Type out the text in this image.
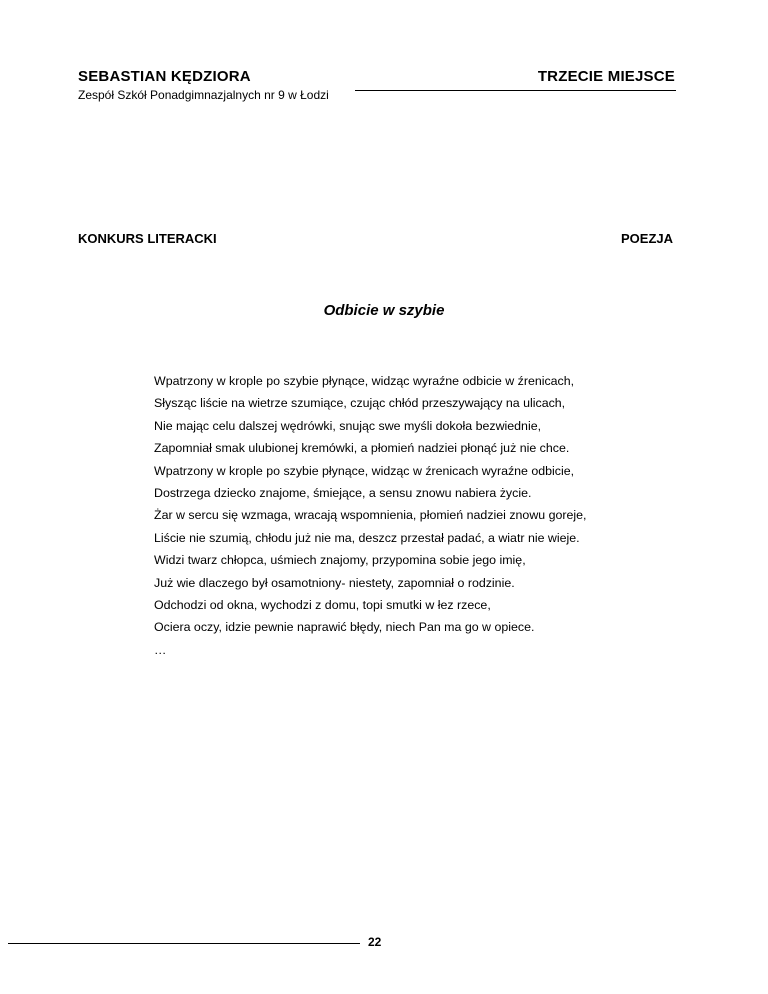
SEBASTIAN KĘDZIORA	TRZECIE MIEJSCE
Zespół Szkół Ponadgimnazjalnych nr 9 w Łodzi
KONKURS LITERACKI	POEZJA
Odbicie w szybie
Wpatrzony w krople po szybie płynące, widząc wyraźne odbicie w źrenicach,
Słysząc liście na wietrze szumiące, czując chłód przeszywający na ulicach,
Nie mając celu dalszej wędrówki, snując swe myśli dokoła bezwiednie,
Zapomniał smak ulubionej kremówki, a płomień nadziei płonąć już nie chce.
Wpatrzony w krople po szybie płynące, widząc w źrenicach wyraźne odbicie,
Dostrzega dziecko znajome, śmiejące, a sensu znowu nabiera życie.
Żar w sercu się wzmaga, wracają wspomnienia, płomień nadziei znowu goreje,
Liście nie szumią, chłodu już nie ma, deszcz przestał padać, a wiatr nie wieje.
Widzi twarz chłopca, uśmiech znajomy, przypomina sobie jego imię,
Już wie dlaczego był osamotniony- niestety, zapomniał o rodzinie.
Odchodzi od okna, wychodzi z domu, topi smutki w łez rzece,
Ociera oczy, idzie pewnie naprawić błędy, niech Pan ma go w opiece.
…
22
